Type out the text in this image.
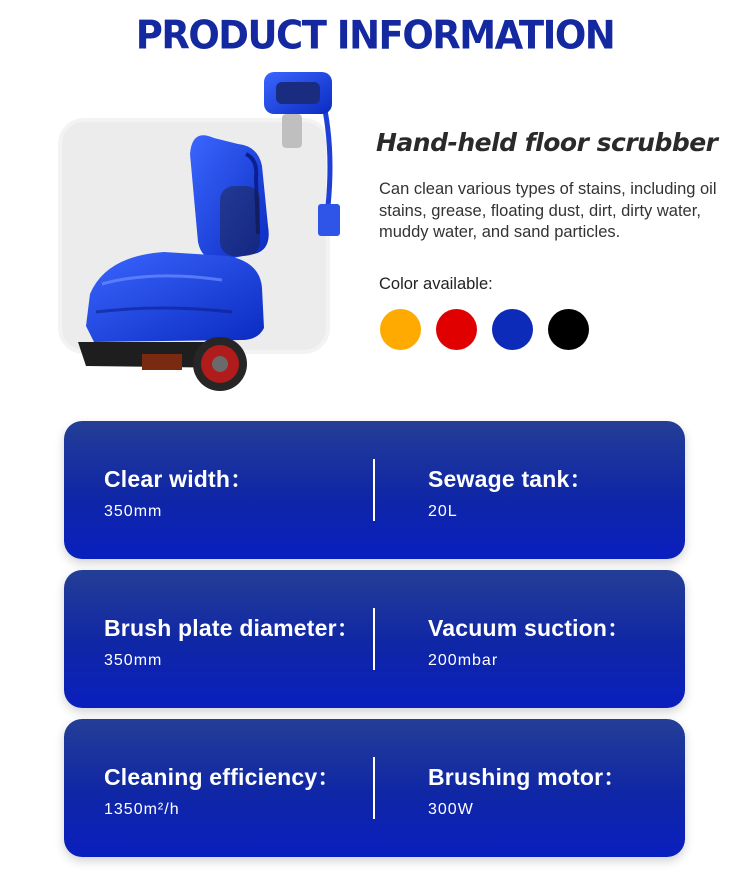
PRODUCT INFORMATION
Hand-held floor scrubber
Can clean various types of stains, including oil stains, grease, floating dust, dirt, dirty water, muddy water, and sand particles.
Color available:
Clear width：
350mm
Sewage tank：
20L
Brush plate diameter：
350mm
Vacuum suction：
200mbar
Cleaning efficiency：
1350m²/h
Brushing motor：
300W
